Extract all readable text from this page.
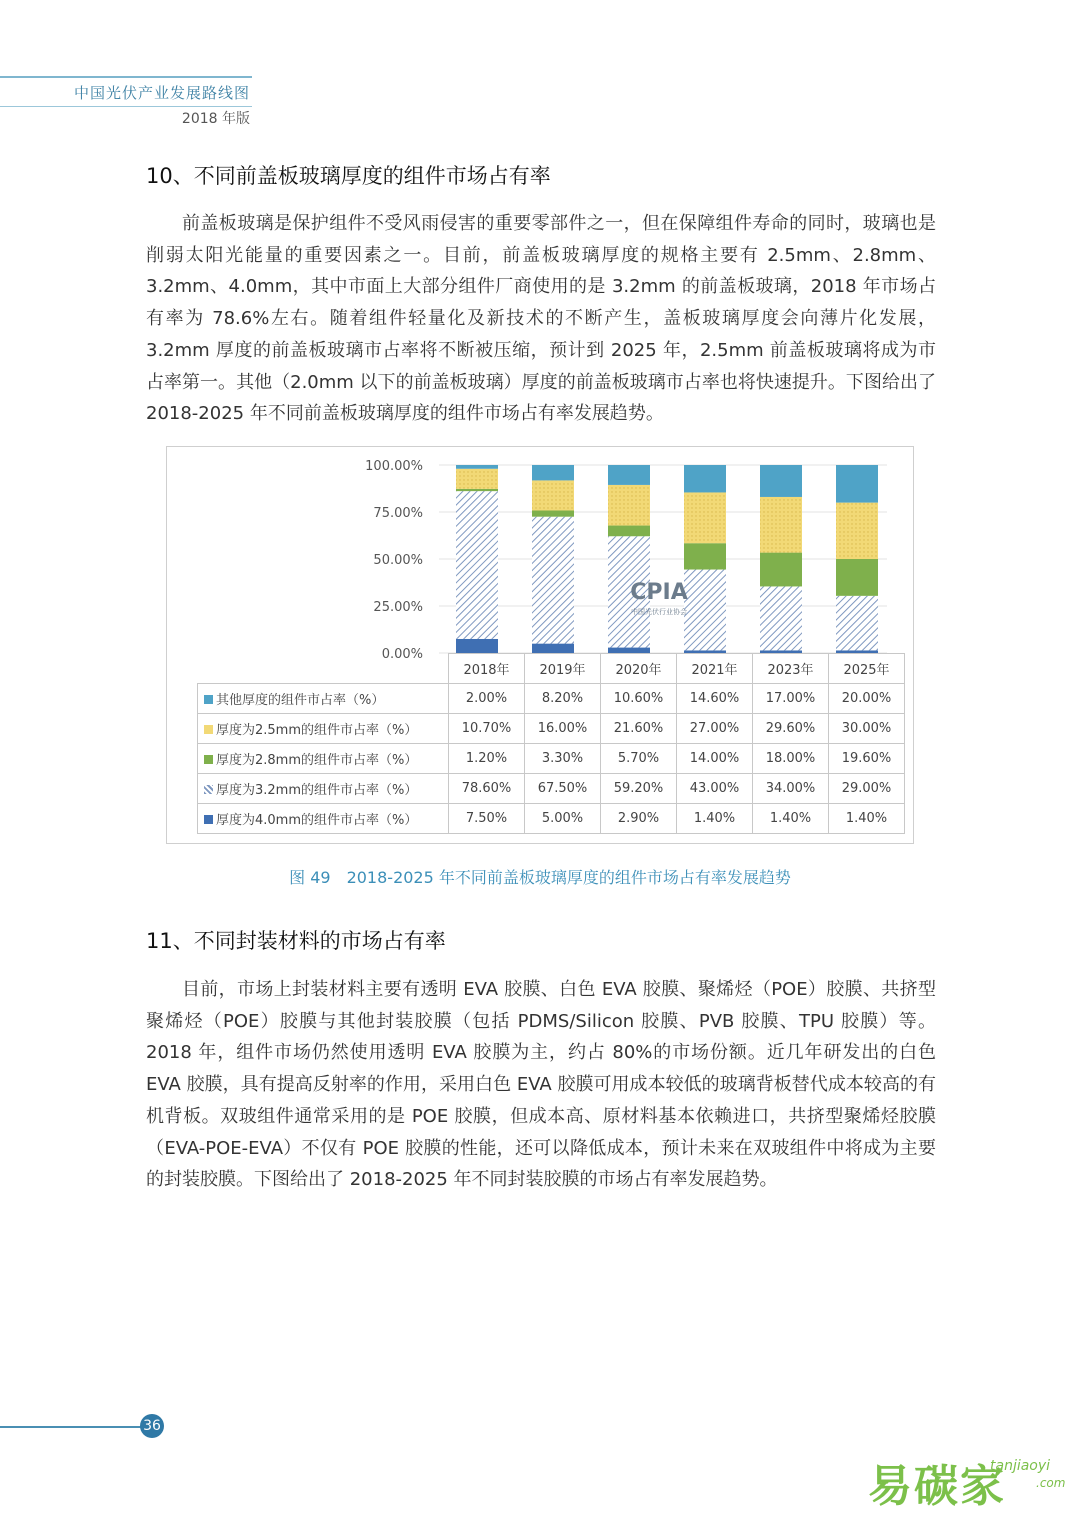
中国光伏产业发展路线图
2018 年版
10、不同前盖板玻璃厚度的组件市场占有率

前盖板玻璃是保护组件不受风雨侵害的重要零部件之一，但在保障组件寿命的同时，玻璃也是削弱太阳光能量的重要因素之一。目前，前盖板玻璃厚度的规格主要有 2.5mm、2.8mm、3.2mm、4.0mm，其中市面上大部分组件厂商使用的是 3.2mm 的前盖板玻璃，2018 年市场占有率为 78.6%左右。随着组件轻量化及新技术的不断产生，盖板玻璃厚度会向薄片化发展，3.2mm 厚度的前盖板玻璃市占率将不断被压缩，预计到 2025 年，2.5mm 前盖板玻璃将成为市占率第一。其他（2.0mm 以下的前盖板玻璃）厚度的前盖板玻璃市占率也将快速提升。下图给出了 2018-2025 年不同前盖板玻璃厚度的组件市场占有率发展趋势。

100.00%
75.00%
50.00%
25.00%
0.00%
CPIA
中国光伏行业协会
	2018年	2019年	2020年	2021年	2023年	2025年
其他厚度的组件市占率（%）	2.00%	8.20%	10.60%	14.60%	17.00%	20.00%
厚度为2.5mm的组件市占率（%）	10.70%	16.00%	21.60%	27.00%	29.60%	30.00%
厚度为2.8mm的组件市占率（%）	1.20%	3.30%	5.70%	14.00%	18.00%	19.60%
厚度为3.2mm的组件市占率（%）	78.60%	67.50%	59.20%	43.00%	34.00%	29.00%
厚度为4.0mm的组件市占率（%）	7.50%	5.00%	2.90%	1.40%	1.40%	1.40%
图 49　2018-2025 年不同前盖板玻璃厚度的组件市场占有率发展趋势
11、不同封装材料的市场占有率

目前，市场上封装材料主要有透明 EVA 胶膜、白色 EVA 胶膜、聚烯烃（POE）胶膜、共挤型聚烯烃（POE）胶膜与其他封装胶膜（包括 PDMS/Silicon 胶膜、PVB 胶膜、TPU 胶膜）等。2018 年，组件市场仍然使用透明 EVA 胶膜为主，约占 80%的市场份额。近几年研发出的白色 EVA 胶膜，具有提高反射率的作用，采用白色 EVA 胶膜可用成本较低的玻璃背板替代成本较高的有机背板。双玻组件通常采用的是 POE 胶膜，但成本高、原材料基本依赖进口，共挤型聚烯烃胶膜（EVA-POE-EVA）不仅有 POE 胶膜的性能，还可以降低成本，预计未来在双玻组件中将成为主要的封装胶膜。下图给出了 2018-2025 年不同封装胶膜的市场占有率发展趋势。

36
易碳家
tanjiaoyi
.com
